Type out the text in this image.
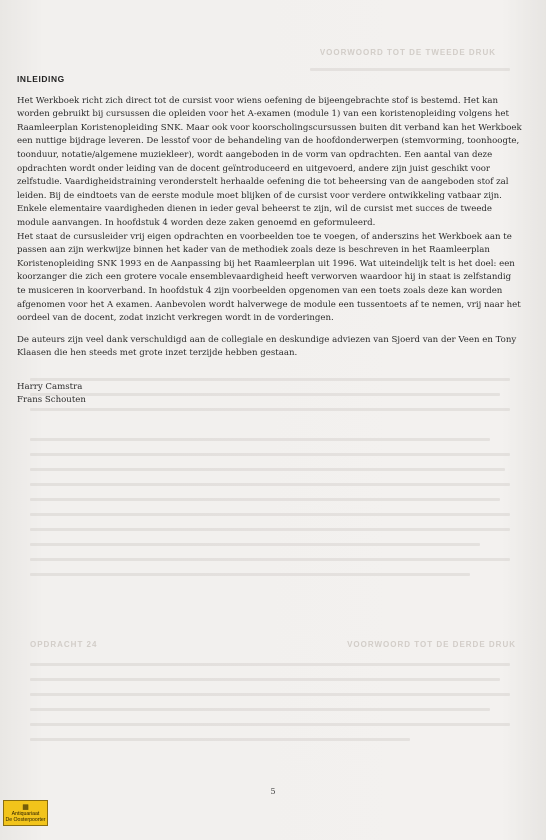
VOORWOORD TOT DE TWEEDE DRUK
VOORWOORD TOT DE DERDE DRUK
OPDRACHT 24
INLEIDING

Het Werkboek richt zich direct tot de cursist voor wiens oefening de bijeengebrachte stof is bestemd. Het kan worden gebruikt bij cursussen die opleiden voor het A-examen (module 1) van een koristenopleiding volgens het Raamleerplan Koristenopleiding SNK. Maar ook voor koorscholingscursussen buiten dit verband kan het Werkboek een nuttige bijdrage leveren. De lesstof voor de behandeling van de hoofdonderwerpen (stemvorming, toonhoogte, toonduur, notatie/algemene muziekleer), wordt aangeboden in de vorm van opdrachten. Een aantal van deze opdrachten wordt onder leiding van de docent geïntroduceerd en uitgevoerd, andere zijn juist geschikt voor zelfstudie. Vaardigheidstraining veronderstelt herhaalde oefening die tot beheersing van de aangeboden stof zal leiden. Bij de eindtoets van de eerste module moet blijken of de cursist voor verdere ontwikkeling vatbaar zijn. Enkele elementaire vaardigheden dienen in ieder geval beheerst te zijn, wil de cursist met succes de tweede module aanvangen. In hoofdstuk 4 worden deze zaken genoemd en geformuleerd.

Het staat de cursusleider vrij eigen opdrachten en voorbeelden toe te voegen, of anderszins het Werkboek aan te passen aan zijn werkwijze binnen het kader van de methodiek zoals deze is beschreven in het Raamleerplan Koristenopleiding SNK 1993 en de Aanpassing bij het Raamleerplan uit 1996. Wat uiteindelijk telt is het doel: een koorzanger die zich een grotere vocale ensemblevaardigheid heeft verworven waardoor hij in staat is zelfstandig te musiceren in koorverband. In hoofdstuk 4 zijn voorbeelden opgenomen van een toets zoals deze kan worden afgenomen voor het A examen. Aanbevolen wordt halverwege de module een tussentoets af te nemen, vrij naar het oordeel van de docent, zodat inzicht verkregen wordt in de vorderingen.

De auteurs zijn veel dank verschuldigd aan de collegiale en deskundige adviezen van Sjoerd van der Veen en Tony Klaasen die hen steeds met grote inzet terzijde hebben gestaan.

Harry Camstra
Frans Schouten
5
▦
Antiquariaat
De Oosterpoorter
